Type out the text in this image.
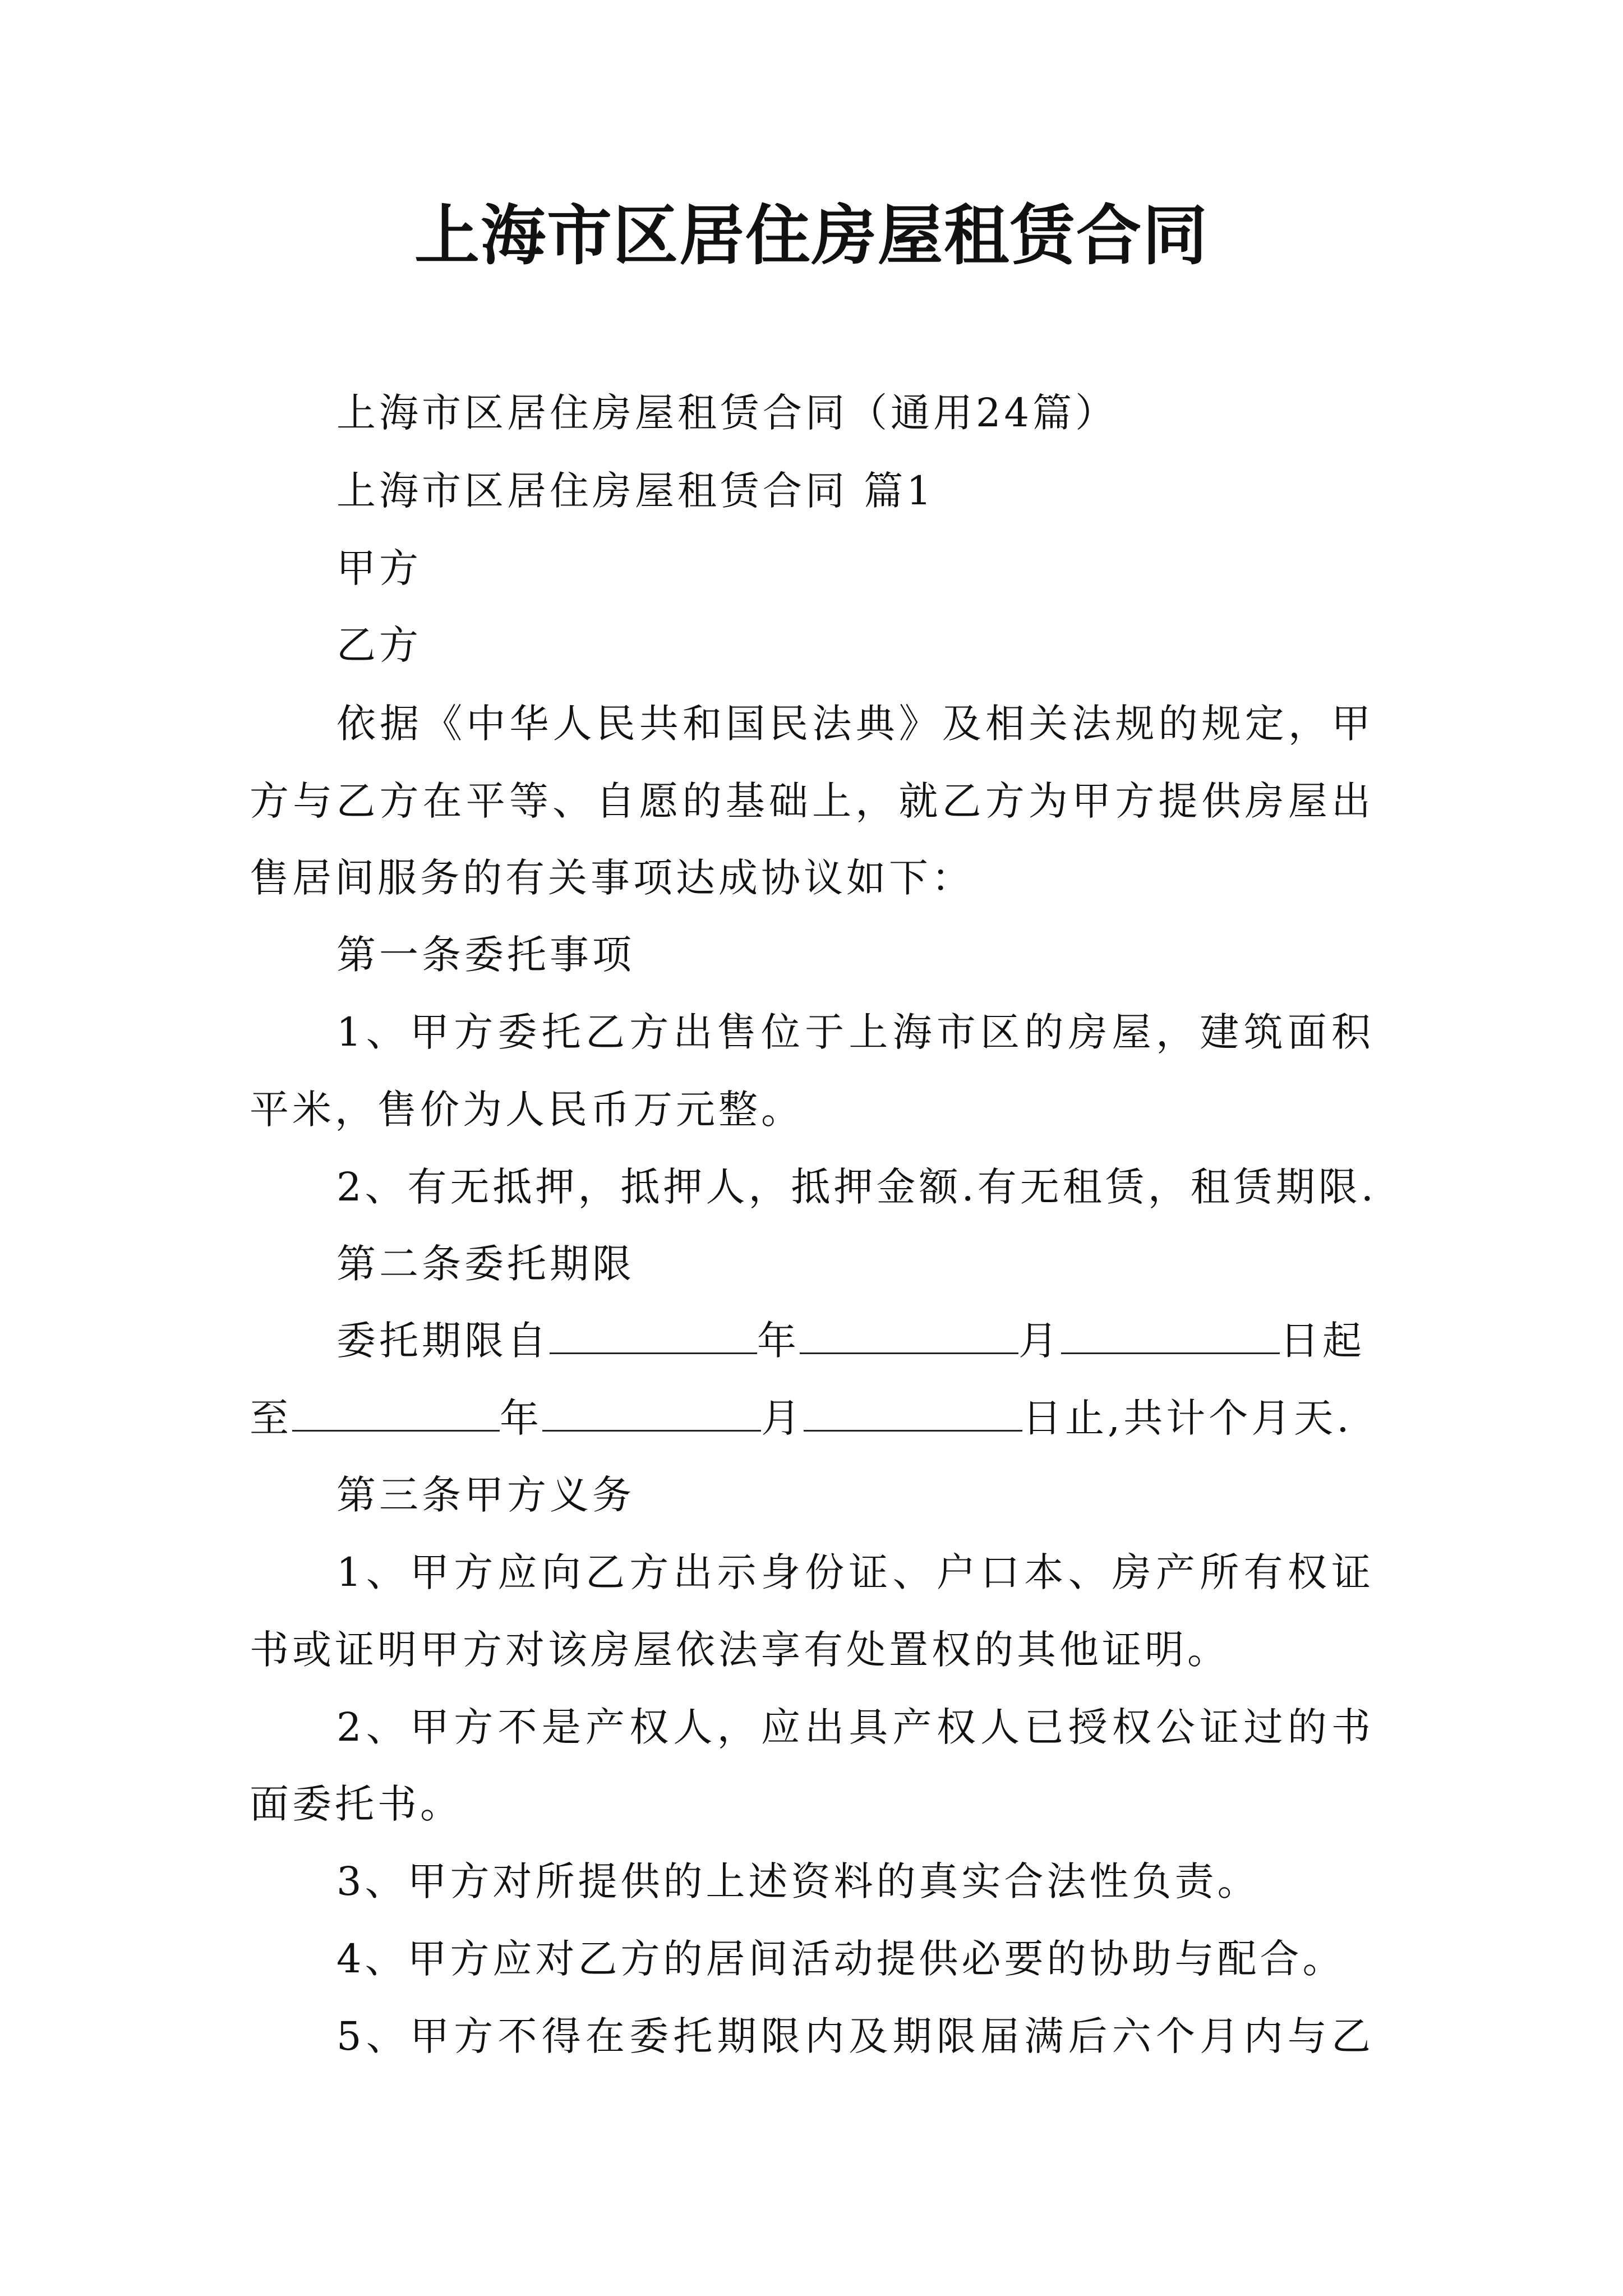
上海市区居住房屋租赁合同
上海市区居住房屋租赁合同（通用24篇）
上海市区居住房屋租赁合同 篇1
甲方
乙方
依据《中华人民共和国民法典》及相关法规的规定，甲
方与乙方在平等、自愿的基础上，就乙方为甲方提供房屋出
售居间服务的有关事项达成协议如下：
第一条委托事项
1、甲方委托乙方出售位于上海市区的房屋，建筑面积
平米，售价为人民币万元整。
2、有无抵押，抵押人，抵押金额.有无租赁，租赁期限.
第二条委托期限
委托期限自	年	月	日起
至	年	月	日止,共计个月天.
第三条甲方义务
1、甲方应向乙方出示身份证、户口本、房产所有权证
书或证明甲方对该房屋依法享有处置权的其他证明。
2、甲方不是产权人，应出具产权人已授权公证过的书
面委托书。
3、甲方对所提供的上述资料的真实合法性负责。
4、甲方应对乙方的居间活动提供必要的协助与配合。
5、甲方不得在委托期限内及期限届满后六个月内与乙
